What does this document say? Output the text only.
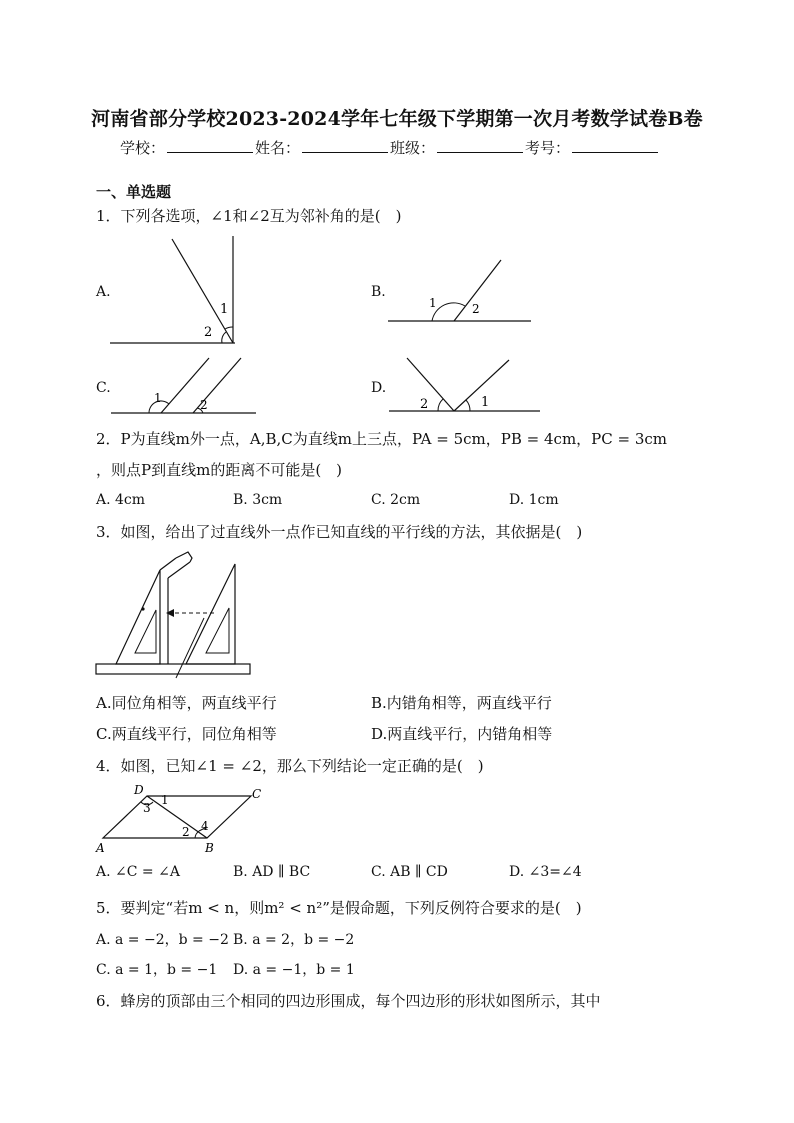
河南省部分学校2023-2024学年七年级下学期第一次月考数学试卷B卷
学校：	姓名：	班级：	考号：
一、单选题
1．下列各选项，∠1和∠2互为邻补角的是(　)
A.
1
2
B.
1	2
C.
1	2
D.
2	1
2．P为直线m外一点，A,B,C为直线m上三点，PA = 5cm，PB = 4cm，PC = 3cm
，则点P到直线m的距离不可能是(　)
A. 4cm	B. 3cm	C. 2cm	D. 1cm
3．如图，给出了过直线外一点作已知直线的平行线的方法，其依据是(　)
A.同位角相等，两直线平行	B.内错角相等，两直线平行
C.两直线平行，同位角相等	D.两直线平行，内错角相等
4．如图，已知∠1 = ∠2，那么下列结论一定正确的是(　)
D	C
A	B
3
1
2 4
A. ∠C = ∠A	B. AD ∥ BC	C. AB ∥ CD	D. ∠3=∠4
5．要判定“若m < n，则m² < n²”是假命题，下列反例符合要求的是(　)
A. a = −2，b = −2 B. a = 2，b = −2
C. a = 1，b = −1 D. a = −1，b = 1
6．蜂房的顶部由三个相同的四边形围成，每个四边形的形状如图所示，其中
